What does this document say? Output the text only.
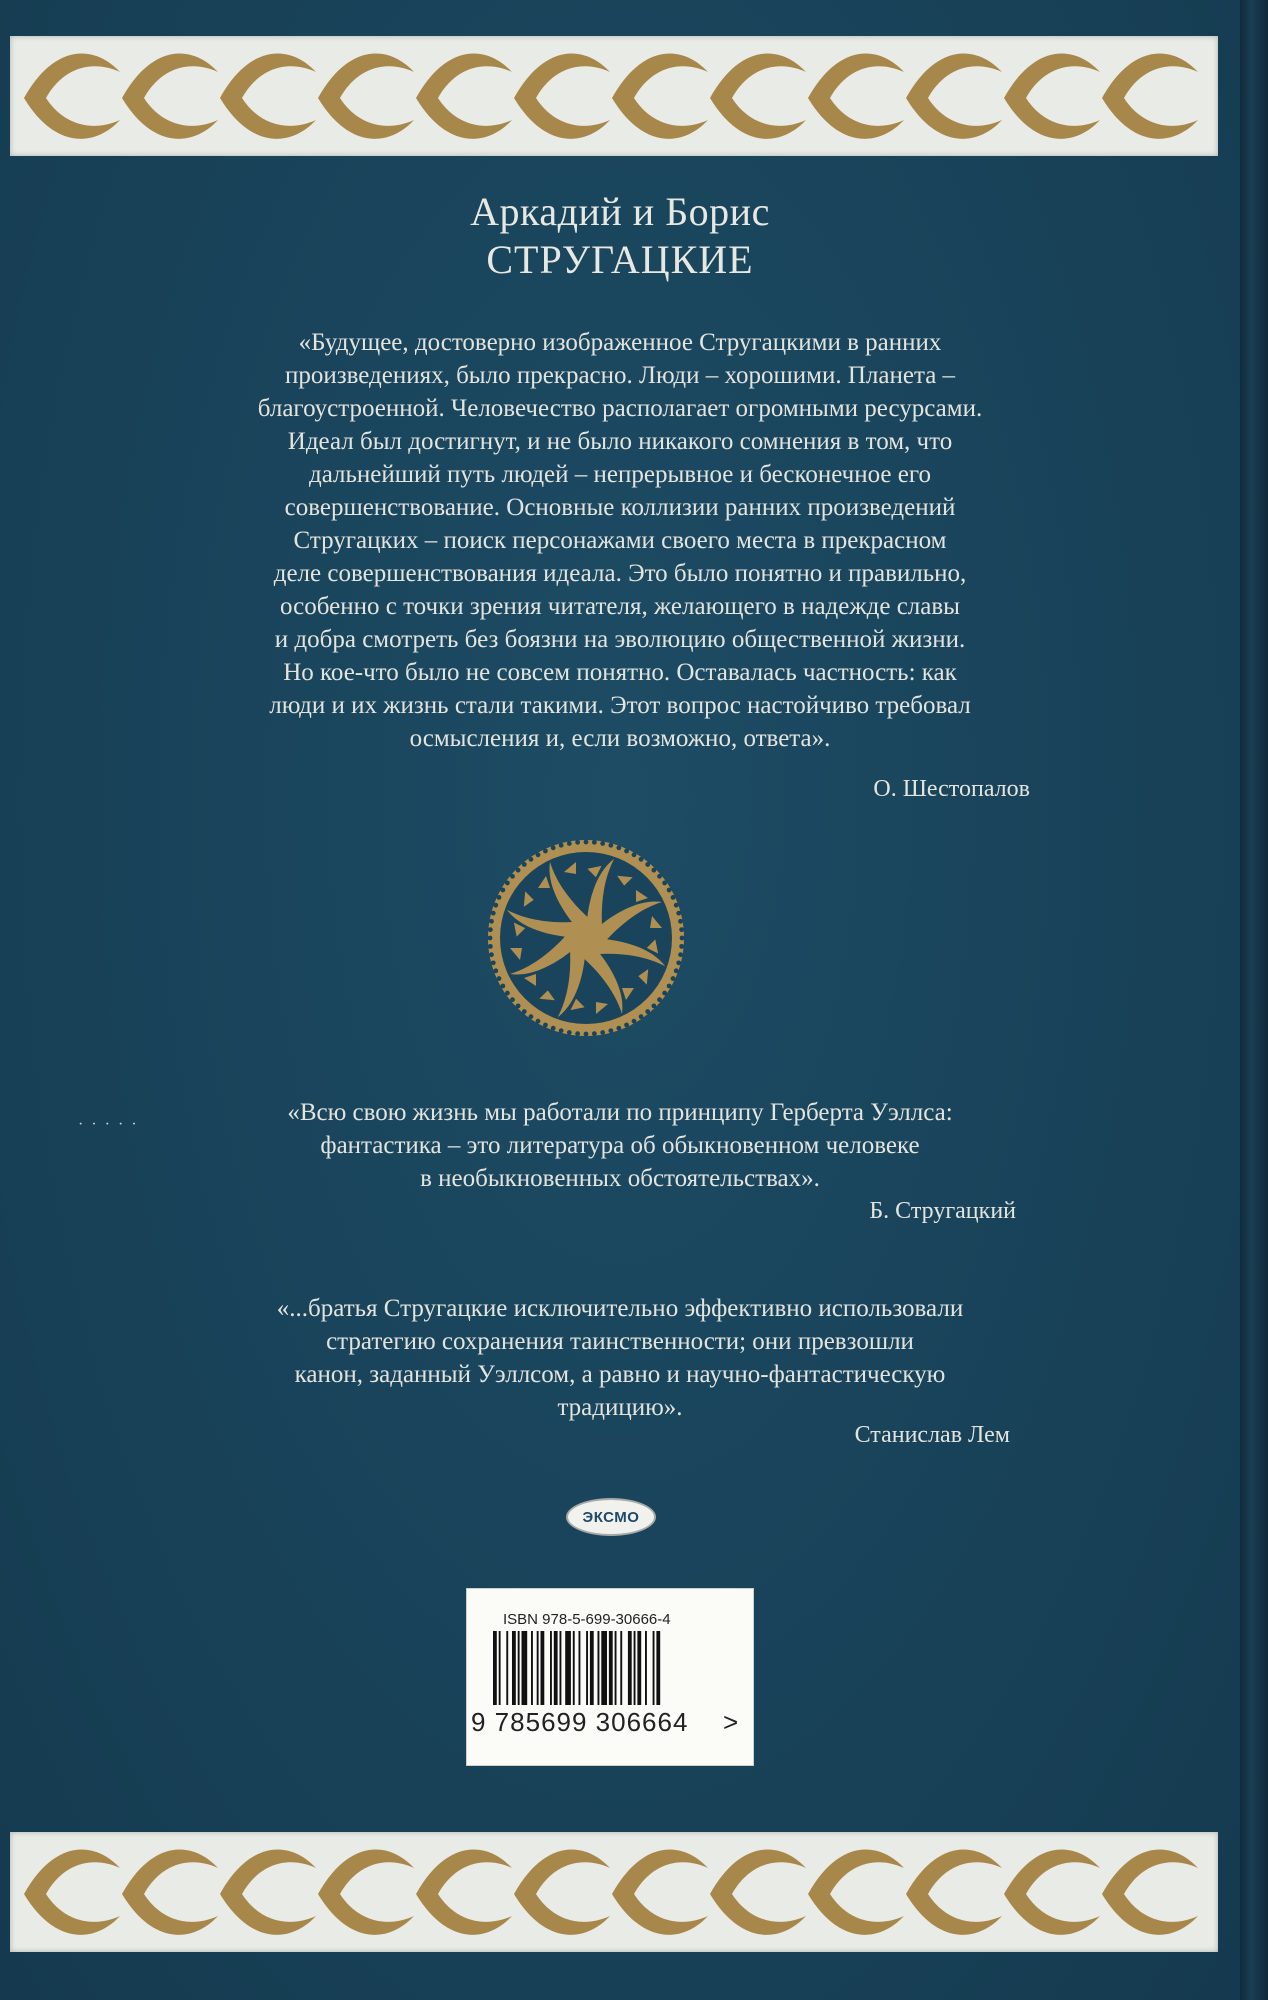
Аркадий и Борис
СТРУГАЦКИЕ
«Будущее, достоверно изображенное Стругацкими в ранних
произведениях, было прекрасно. Люди – хорошими. Планета –
благоустроенной. Человечество располагает огромными ресурсами.
Идеал был достигнут, и не было никакого сомнения в том, что
дальнейший путь людей – непрерывное и бесконечное его
совершенствование. Основные коллизии ранних произведений
Стругацких – поиск персонажами своего места в прекрасном
деле совершенствования идеала. Это было понятно и правильно,
особенно с точки зрения читателя, желающего в надежде славы
и добра смотреть без боязни на эволюцию общественной жизни.
Но кое-что было не совсем понятно. Оставалась частность: как
люди и их жизнь стали такими. Этот вопрос настойчиво требовал
осмысления и, если возможно, ответа».
О. Шестопалов
· · · · ·	«Всю свою жизнь мы работали по принципу Герберта Уэллса:
фантастика – это литература об обыкновенном человеке
в необыкновенных обстоятельствах».
Б. Стругацкий
«...братья Стругацкие исключительно эффективно использовали
стратегию сохранения таинственности; они превзошли
канон, заданный Уэллсом, а равно и научно-фантастическую
традицию».
Станислав Лем
ЭКСМО
ISBN 978-5-699-30666-4
9 785699 306664	>
